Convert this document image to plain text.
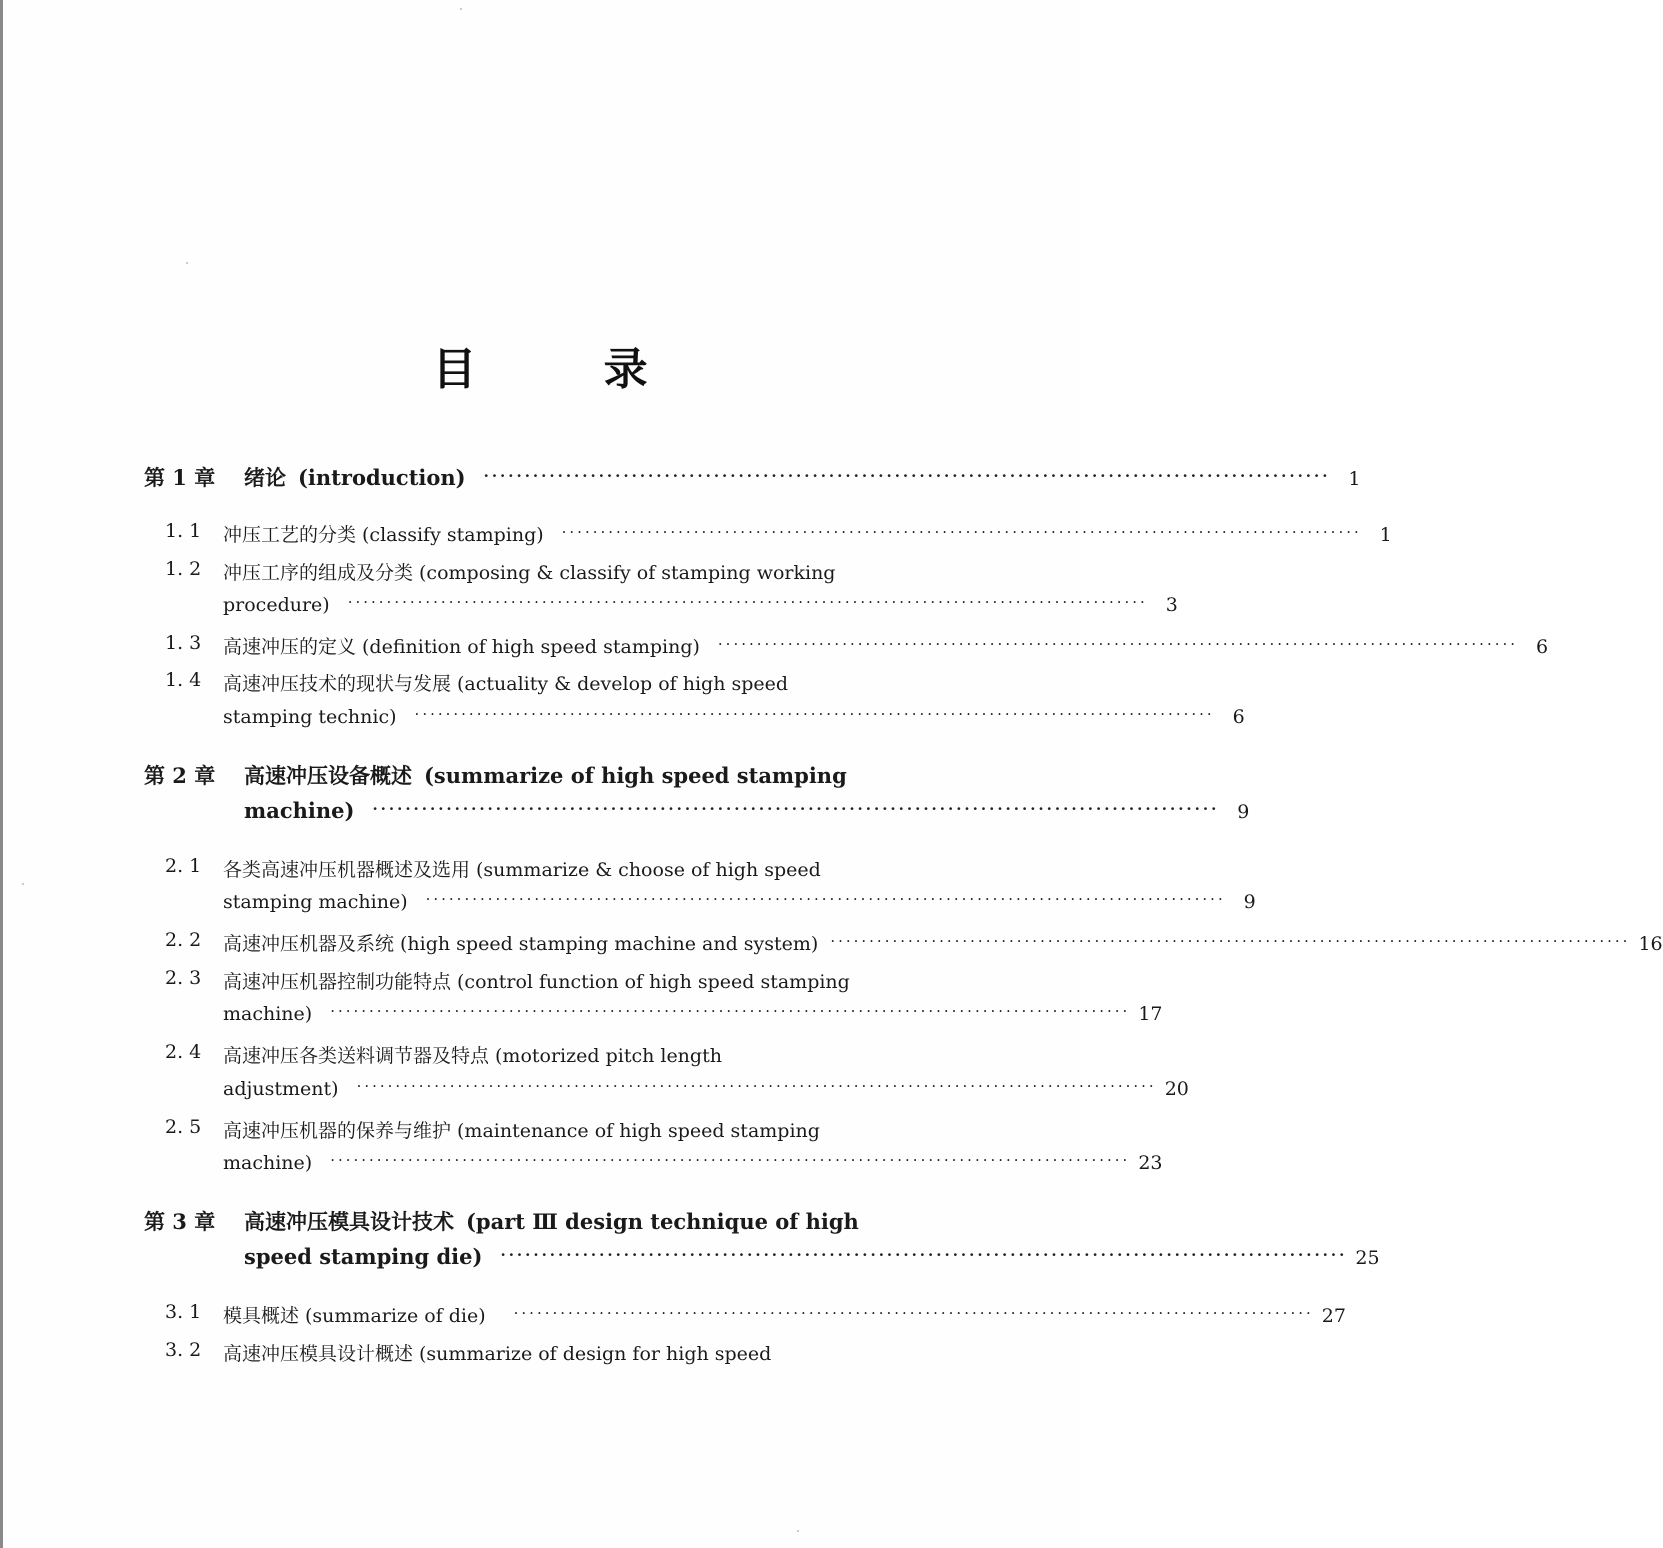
目 录
第 1 章 绪论 (introduction) ······································································································· 1
1. 1 冲压工艺的分类 (classify stamping) ······································································································· 1
1. 2 冲压工序的组成及分类 (composing & classify of stamping working
procedure) ······································································································· 3
1. 3 高速冲压的定义 (definition of high speed stamping) ······································································································· 6
1. 4 高速冲压技术的现状与发展 (actuality & develop of high speed
stamping technic) ······································································································· 6
第 2 章 高速冲压设备概述 (summarize of high speed stamping
machine) ······································································································· 9
2. 1 各类高速冲压机器概述及选用 (summarize & choose of high speed
stamping machine) ······································································································· 9
2. 2 高速冲压机器及系统 (high speed stamping machine and system) ······································································································· 16
2. 3 高速冲压机器控制功能特点 (control function of high speed stamping
machine) ······································································································· 17
2. 4 高速冲压各类送料调节器及特点 (motorized pitch length
adjustment) ······································································································· 20
2. 5 高速冲压机器的保养与维护 (maintenance of high speed stamping
machine) ······································································································· 23
第 3 章 高速冲压模具设计技术 (part Ⅲ design technique of high
speed stamping die) ······································································································· 25
3. 1 模具概述 (summarize of die) ······································································································· 27
3. 2 高速冲压模具设计概述 (summarize of design for high speed
